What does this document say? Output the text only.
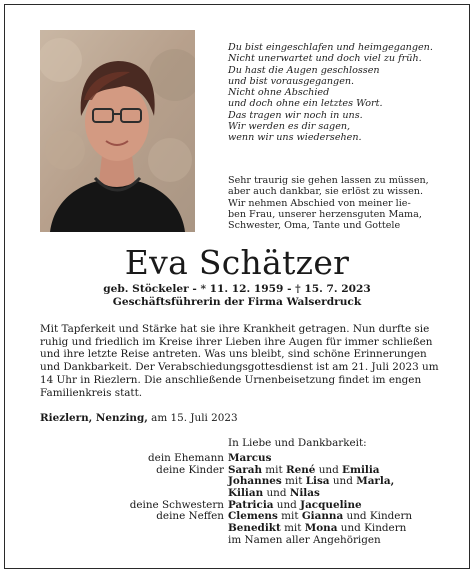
Du bist eingeschlafen und heimgegangen.
Nicht unerwartet und doch viel zu früh.
Du hast die Augen geschlossen
und bist vorausgegangen.
Nicht ohne Abschied
und doch ohne ein letztes Wort.
Das tragen wir noch in uns.
Wir werden es dir sagen,
wenn wir uns wiedersehen.
Sehr traurig sie gehen lassen zu müssen,
aber auch dankbar, sie erlöst zu wissen.
Wir nehmen Abschied von meiner lie-
ben Frau, unserer herzensguten Mama,
Schwester, Oma, Tante und Gottele
Eva Schätzer
geb. Stöckeler - * 11. 12. 1959 - † 15. 7. 2023
Geschäftsführerin der Firma Walserdruck
Mit Tapferkeit und Stärke hat sie ihre Krankheit getragen. Nun durfte sie
ruhig und friedlich im Kreise ihrer Lieben ihre Augen für immer schließen
und ihre letzte Reise antreten. Was uns bleibt, sind schöne Erinnerungen
und Dankbarkeit. Der Verabschiedungsgottesdienst ist am 21. Juli 2023 um
14 Uhr in Riezlern. Die anschließende Urnenbeisetzung findet im engen
Familienkreis statt.
Riezlern, Nenzing, am 15. Juli 2023
In Liebe und Dankbarkeit:
dein Ehemann Marcus
deine Kinder Sarah mit René und Emilia
Johannes mit Lisa und Marla,
Kilian und Nilas
deine Schwestern Patricia und Jacqueline
deine Neffen Clemens mit Gianna und Kindern
Benedikt mit Mona und Kindern
im Namen aller Angehörigen
